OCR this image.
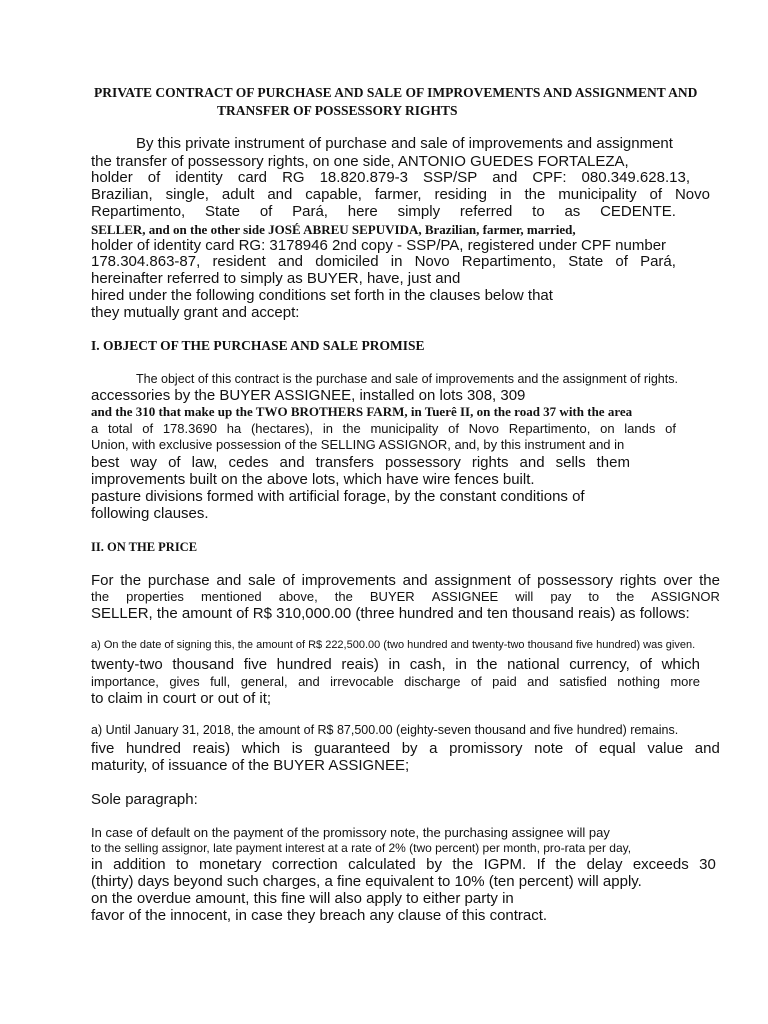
PRIVATE CONTRACT OF PURCHASE AND SALE OF IMPROVEMENTS AND ASSIGNMENT AND

TRANSFER OF POSSESSORY RIGHTS

By this private instrument of purchase and sale of improvements and assignment

the transfer of possessory rights, on one side, ANTONIO GUEDES FORTALEZA,

holder of identity card RG 18.820.879-3 SSP/SP and CPF: 080.349.628.13,

Brazilian, single, adult and capable, farmer, residing in the municipality of Novo

Repartimento, State of Pará, here simply referred to as CEDENTE.

SELLER, and on the other side JOSÉ ABREU SEPUVIDA, Brazilian, farmer, married,

holder of identity card RG: 3178946 2nd copy - SSP/PA, registered under CPF number

178.304.863-87, resident and domiciled in Novo Repartimento, State of Pará,

hereinafter referred to simply as BUYER, have, just and

hired under the following conditions set forth in the clauses below that

they mutually grant and accept:

I. OBJECT OF THE PURCHASE AND SALE PROMISE

The object of this contract is the purchase and sale of improvements and the assignment of rights.

accessories by the BUYER ASSIGNEE, installed on lots 308, 309

and the 310 that make up the TWO BROTHERS FARM, in Tuerê II, on the road 37 with the area

a total of 178.3690 ha (hectares), in the municipality of Novo Repartimento, on lands of

Union, with exclusive possession of the SELLING ASSIGNOR, and, by this instrument and in

best way of law, cedes and transfers possessory rights and sells them

improvements built on the above lots, which have wire fences built.

pasture divisions formed with artificial forage, by the constant conditions of

following clauses.

II. ON THE PRICE

For the purchase and sale of improvements and assignment of possessory rights over the

the properties mentioned above, the BUYER ASSIGNEE will pay to the ASSIGNOR

SELLER, the amount of R$ 310,000.00 (three hundred and ten thousand reais) as follows:

a) On the date of signing this, the amount of R$ 222,500.00 (two hundred and twenty-two thousand five hundred) was given.

twenty-two thousand five hundred reais) in cash, in the national currency, of which

importance, gives full, general, and irrevocable discharge of paid and satisfied nothing more

to claim in court or out of it;

a) Until January 31, 2018, the amount of R$ 87,500.00 (eighty-seven thousand and five hundred) remains.

five hundred reais) which is guaranteed by a promissory note of equal value and

maturity, of issuance of the BUYER ASSIGNEE;

Sole paragraph:

In case of default on the payment of the promissory note, the purchasing assignee will pay

to the selling assignor, late payment interest at a rate of 2% (two percent) per month, pro-rata per day,

in addition to monetary correction calculated by the IGPM. If the delay exceeds 30

(thirty) days beyond such charges, a fine equivalent to 10% (ten percent) will apply.

on the overdue amount, this fine will also apply to either party in

favor of the innocent, in case they breach any clause of this contract.
